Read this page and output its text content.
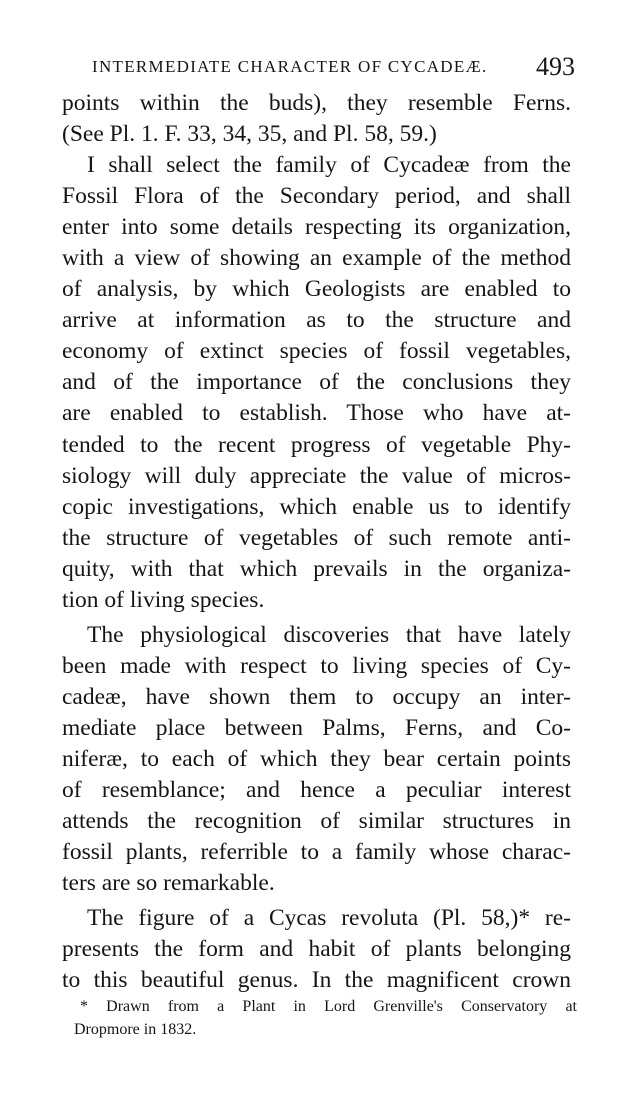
INTERMEDIATE CHARACTER OF CYCADEÆ. 493
points within the buds), they resemble Ferns.
(See Pl. 1. F. 33, 34, 35, and Pl. 58, 59.)
I shall select the family of Cycadeæ from the
Fossil Flora of the Secondary period, and shall
enter into some details respecting its organization,
with a view of showing an example of the method
of analysis, by which Geologists are enabled to
arrive at information as to the structure and
economy of extinct species of fossil vegetables,
and of the importance of the conclusions they
are enabled to establish. Those who have at-
tended to the recent progress of vegetable Phy-
siology will duly appreciate the value of micros-
copic investigations, which enable us to identify
the structure of vegetables of such remote anti-
quity, with that which prevails in the organiza-
tion of living species.
The physiological discoveries that have lately
been made with respect to living species of Cy-
cadeæ, have shown them to occupy an inter-
mediate place between Palms, Ferns, and Co-
niferæ, to each of which they bear certain points
of resemblance; and hence a peculiar interest
attends the recognition of similar structures in
fossil plants, referrible to a family whose charac-
ters are so remarkable.
The figure of a Cycas revoluta (Pl. 58,)* re-
presents the form and habit of plants belonging
to this beautiful genus. In the magnificent crown
* Drawn from a Plant in Lord Grenville's Conservatory at
Dropmore in 1832.
